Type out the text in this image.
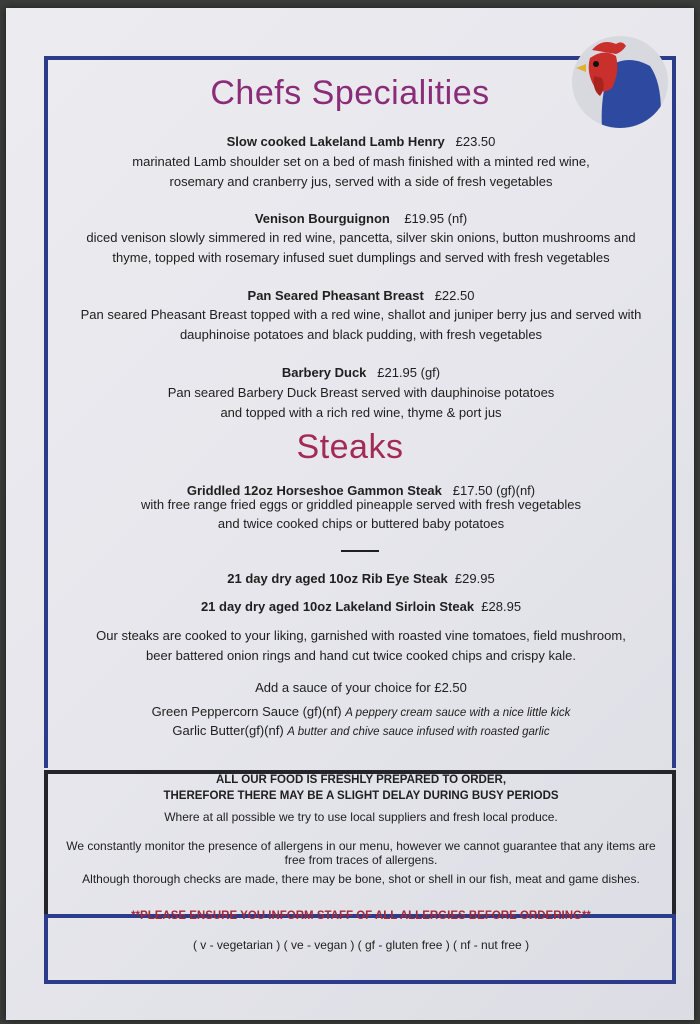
Chefs Specialities
Slow cooked Lakeland Lamb Henry £23.50
marinated Lamb shoulder set on a bed of mash finished with a minted red wine,
rosemary and cranberry jus, served with a side of fresh vegetables
Venison Bourguignon £19.95 (nf)
diced venison slowly simmered in red wine, pancetta, silver skin onions, button mushrooms and
thyme, topped with rosemary infused suet dumplings and served with fresh vegetables
Pan Seared Pheasant Breast £22.50
Pan seared Pheasant Breast topped with a red wine, shallot and juniper berry jus and served with
dauphinoise potatoes and black pudding, with fresh vegetables
Barbery Duck £21.95 (gf)
Pan seared Barbery Duck Breast served with dauphinoise potatoes
and topped with a rich red wine, thyme & port jus
Steaks
Griddled 12oz Horseshoe Gammon Steak £17.50 (gf)(nf)
with free range fried eggs or griddled pineapple served with fresh vegetables
and twice cooked chips or buttered baby potatoes
21 day dry aged 10oz Rib Eye Steak £29.95
21 day dry aged 10oz Lakeland Sirloin Steak £28.95
Our steaks are cooked to your liking, garnished with roasted vine tomatoes, field mushroom,
beer battered onion rings and hand cut twice cooked chips and crispy kale.
Add a sauce of your choice for £2.50
Green Peppercorn Sauce (gf)(nf) A peppery cream sauce with a nice little kick
Garlic Butter(gf)(nf) A butter and chive sauce infused with roasted garlic
ALL OUR FOOD IS FRESHLY PREPARED TO ORDER,
THEREFORE THERE MAY BE A SLIGHT DELAY DURING BUSY PERIODS
Where at all possible we try to use local suppliers and fresh local produce.
We constantly monitor the presence of allergens in our menu, however we cannot guarantee that any items are
free from traces of allergens.
Although thorough checks are made, there may be bone, shot or shell in our fish, meat and game dishes.
**PLEASE ENSURE YOU INFORM STAFF OF ALL ALLERGIES BEFORE ORDERING**
( v - vegetarian ) ( ve - vegan ) ( gf - gluten free ) ( nf - nut free )
